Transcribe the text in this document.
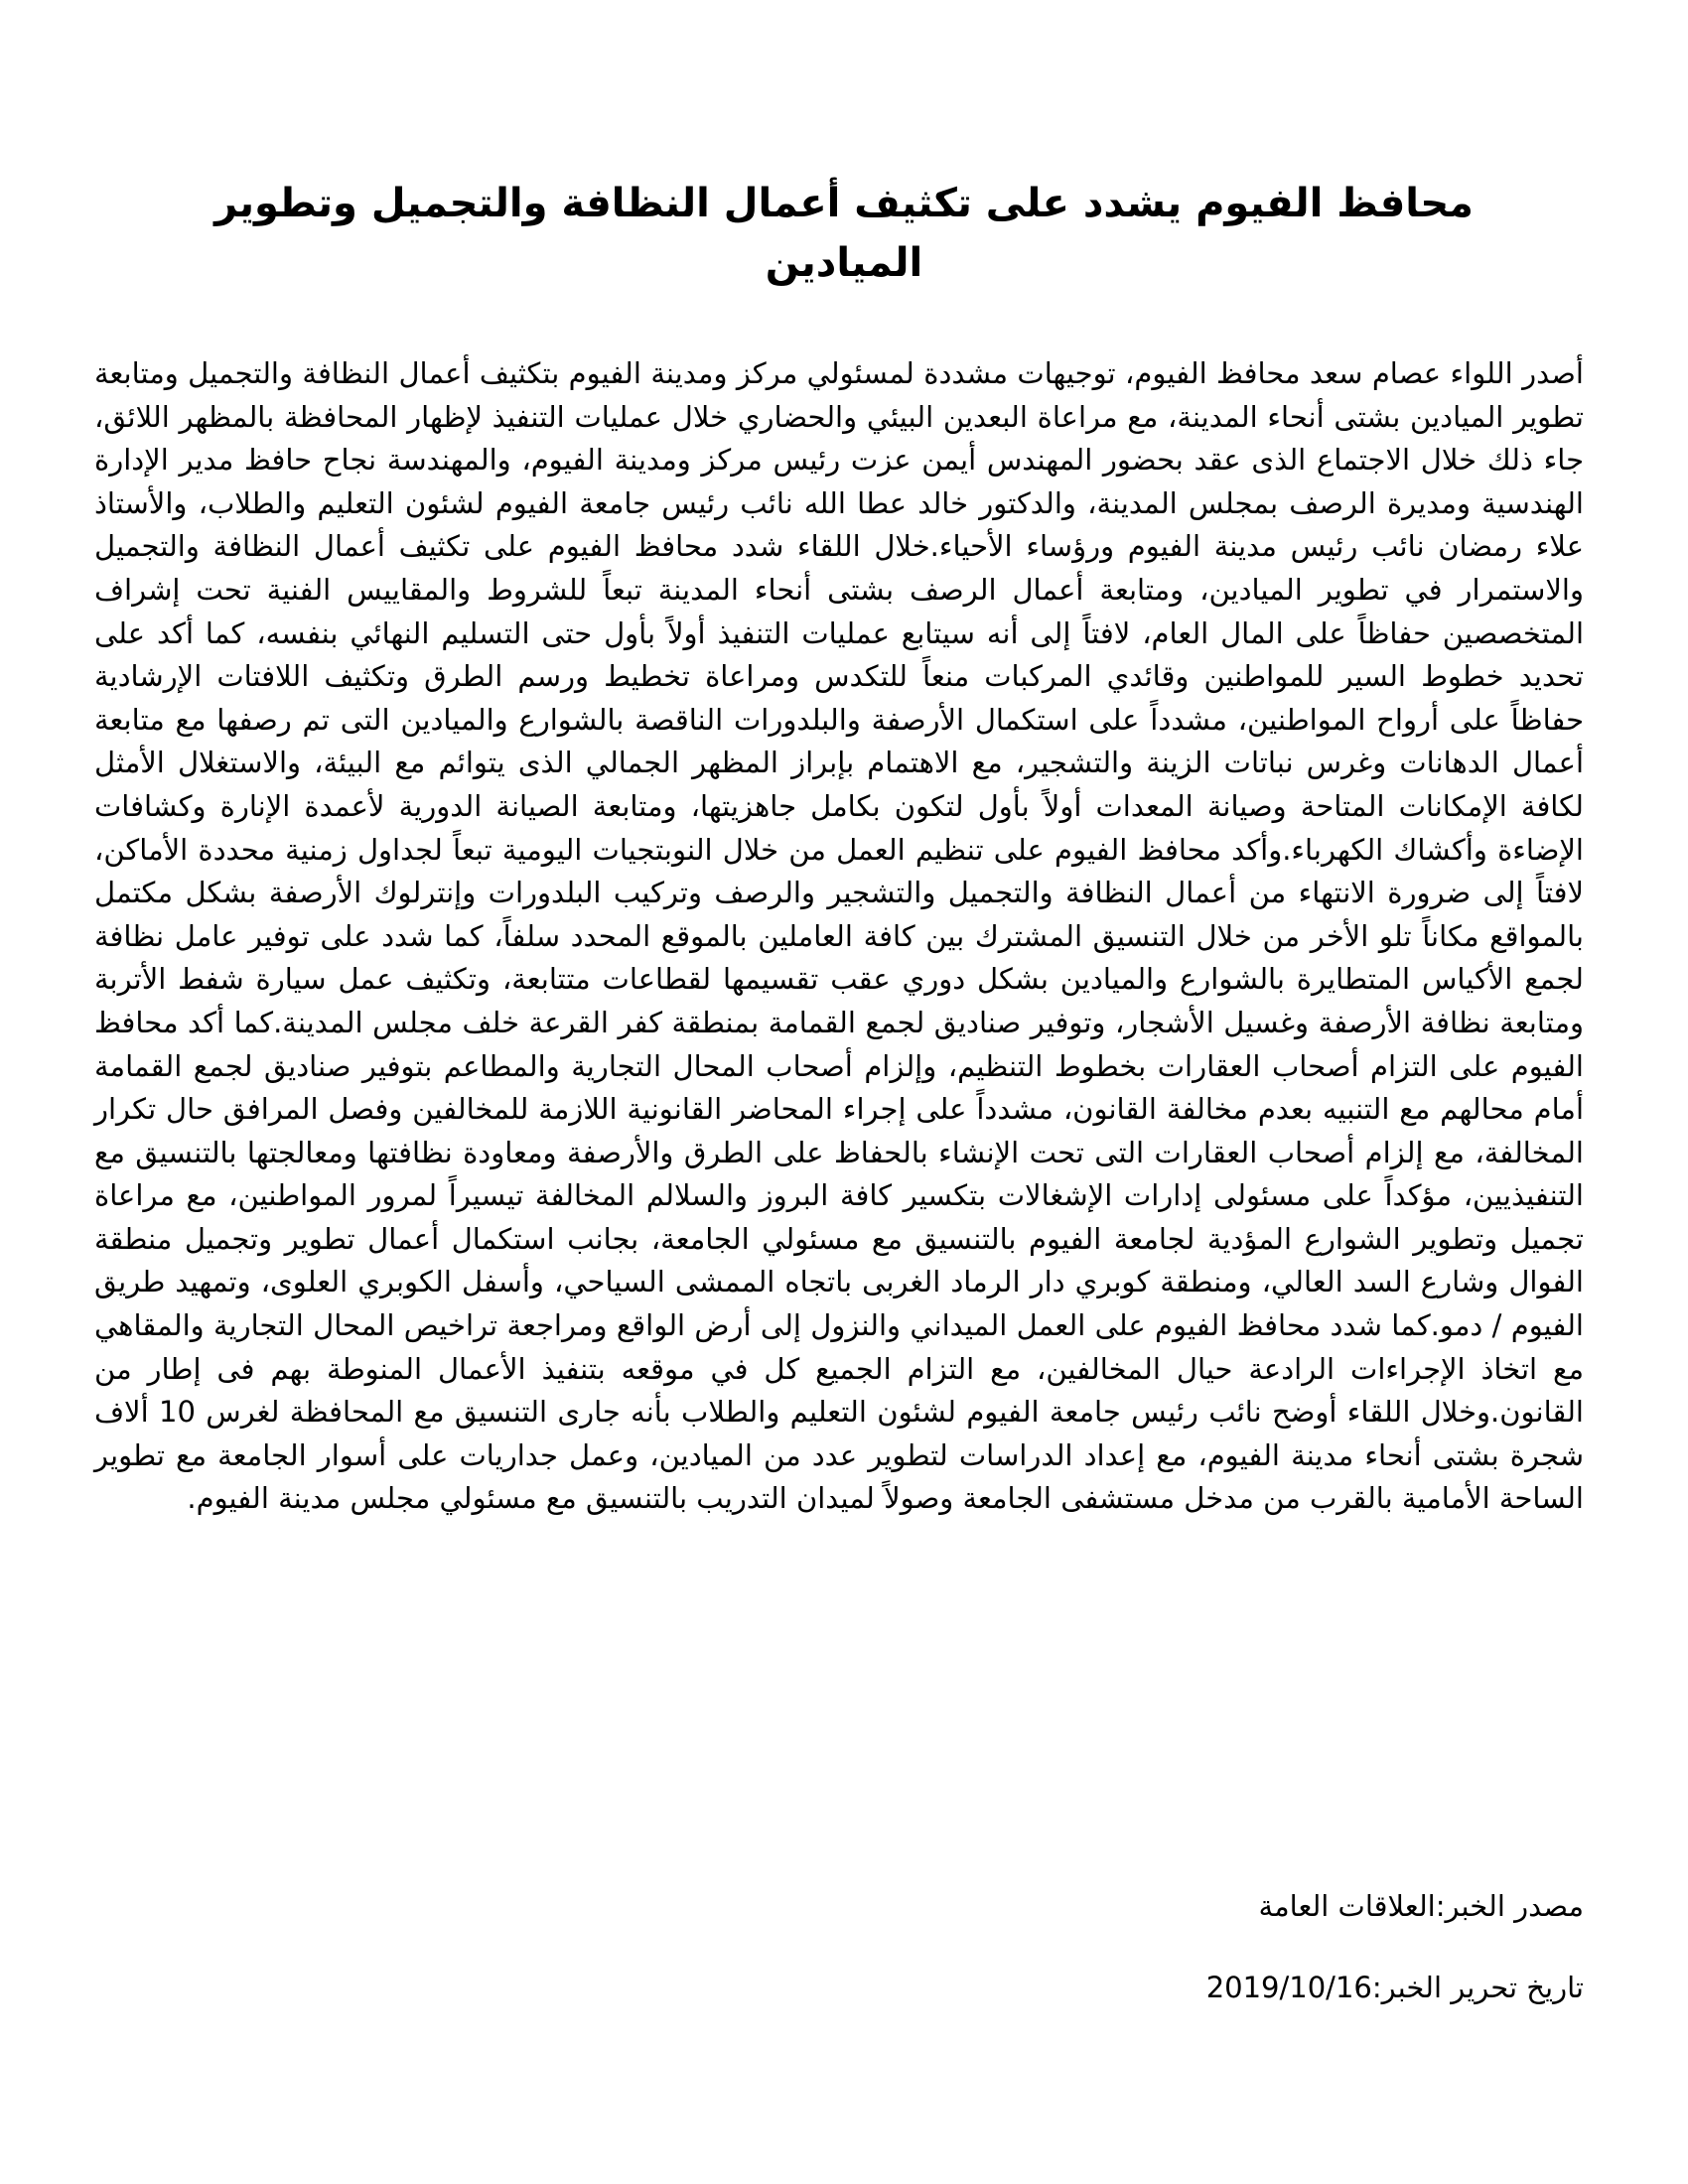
محافظ الفيوم يشدد على تكثيف أعمال النظافة والتجميل وتطوير الميادين

أصدر اللواء عصام سعد محافظ الفيوم، توجيهات مشددة لمسئولي مركز ومدينة الفيوم بتكثيف أعمال النظافة والتجميل ومتابعة تطوير الميادين بشتى أنحاء المدينة، مع مراعاة البعدين البيئي والحضاري خلال عمليات التنفيذ لإظهار المحافظة بالمظهر اللائق، جاء ذلك خلال الاجتماع الذى عقد بحضور المهندس أيمن عزت رئيس مركز ومدينة الفيوم، والمهندسة نجاح حافظ مدير الإدارة الهندسية ومديرة الرصف بمجلس المدينة، والدكتور خالد عطا الله نائب رئيس جامعة الفيوم لشئون التعليم والطلاب، والأستاذ علاء رمضان نائب رئيس مدينة الفيوم ورؤساء الأحياء.خلال اللقاء شدد محافظ الفيوم على تكثيف أعمال النظافة والتجميل والاستمرار في تطوير الميادين، ومتابعة أعمال الرصف بشتى أنحاء المدينة تبعاً للشروط والمقاييس الفنية تحت إشراف المتخصصين حفاظاً على المال العام، لافتاً إلى أنه سيتابع عمليات التنفيذ أولاً بأول حتى التسليم النهائي بنفسه، كما أكد على تحديد خطوط السير للمواطنين وقائدي المركبات منعاً للتكدس ومراعاة تخطيط ورسم الطرق وتكثيف اللافتات الإرشادية حفاظاً على أرواح المواطنين، مشدداً على استكمال الأرصفة والبلدورات الناقصة بالشوارع والميادين التى تم رصفها مع متابعة أعمال الدهانات وغرس نباتات الزينة والتشجير، مع الاهتمام بإبراز المظهر الجمالي الذى يتوائم مع البيئة، والاستغلال الأمثل لكافة الإمكانات المتاحة وصيانة المعدات أولاً بأول لتكون بكامل جاهزيتها، ومتابعة الصيانة الدورية لأعمدة الإنارة وكشافات الإضاءة وأكشاك الكهرباء.وأكد محافظ الفيوم على تنظيم العمل من خلال النوبتجيات اليومية تبعاً لجداول زمنية محددة الأماكن، لافتاً إلى ضرورة الانتهاء من أعمال النظافة والتجميل والتشجير والرصف وتركيب البلدورات وإنترلوك الأرصفة بشكل مكتمل بالمواقع مكاناً تلو الأخر من خلال التنسيق المشترك بين كافة العاملين بالموقع المحدد سلفاً، كما شدد على توفير عامل نظافة لجمع الأكياس المتطايرة بالشوارع والميادين بشكل دوري عقب تقسيمها لقطاعات متتابعة، وتكثيف عمل سيارة شفط الأتربة ومتابعة نظافة الأرصفة وغسيل الأشجار، وتوفير صناديق لجمع القمامة بمنطقة كفر القرعة خلف مجلس المدينة.كما أكد محافظ الفيوم على التزام أصحاب العقارات بخطوط التنظيم، وإلزام أصحاب المحال التجارية والمطاعم بتوفير صناديق لجمع القمامة أمام محالهم مع التنبيه بعدم مخالفة القانون، مشدداً على إجراء المحاضر القانونية اللازمة للمخالفين وفصل المرافق حال تكرار المخالفة، مع إلزام أصحاب العقارات التى تحت الإنشاء بالحفاظ على الطرق والأرصفة ومعاودة نظافتها ومعالجتها بالتنسيق مع التنفيذيين، مؤكداً على مسئولى إدارات الإشغالات بتكسير كافة البروز والسلالم المخالفة تيسيراً لمرور المواطنين، مع مراعاة تجميل وتطوير الشوارع المؤدية لجامعة الفيوم بالتنسيق مع مسئولي الجامعة، بجانب استكمال أعمال تطوير وتجميل منطقة الفوال وشارع السد العالي، ومنطقة كوبري دار الرماد الغربى باتجاه الممشى السياحي، وأسفل الكوبري العلوى، وتمهيد طريق الفيوم / دمو.كما شدد محافظ الفيوم على العمل الميداني والنزول إلى أرض الواقع ومراجعة تراخيص المحال التجارية والمقاهي مع اتخاذ الإجراءات الرادعة حيال المخالفين، مع التزام الجميع كل في موقعه بتنفيذ الأعمال المنوطة بهم فى إطار من القانون.وخلال اللقاء أوضح نائب رئيس جامعة الفيوم لشئون التعليم والطلاب بأنه جارى التنسيق مع المحافظة لغرس 10 ألاف شجرة بشتى أنحاء مدينة الفيوم، مع إعداد الدراسات لتطوير عدد من الميادين، وعمل جداريات على أسوار الجامعة مع تطوير الساحة الأمامية بالقرب من مدخل مستشفى الجامعة وصولاً لميدان التدريب بالتنسيق مع مسئولي مجلس مدينة الفيوم.

مصدر الخبر:العلاقات العامة
تاريخ تحرير الخبر:2019/10/16
